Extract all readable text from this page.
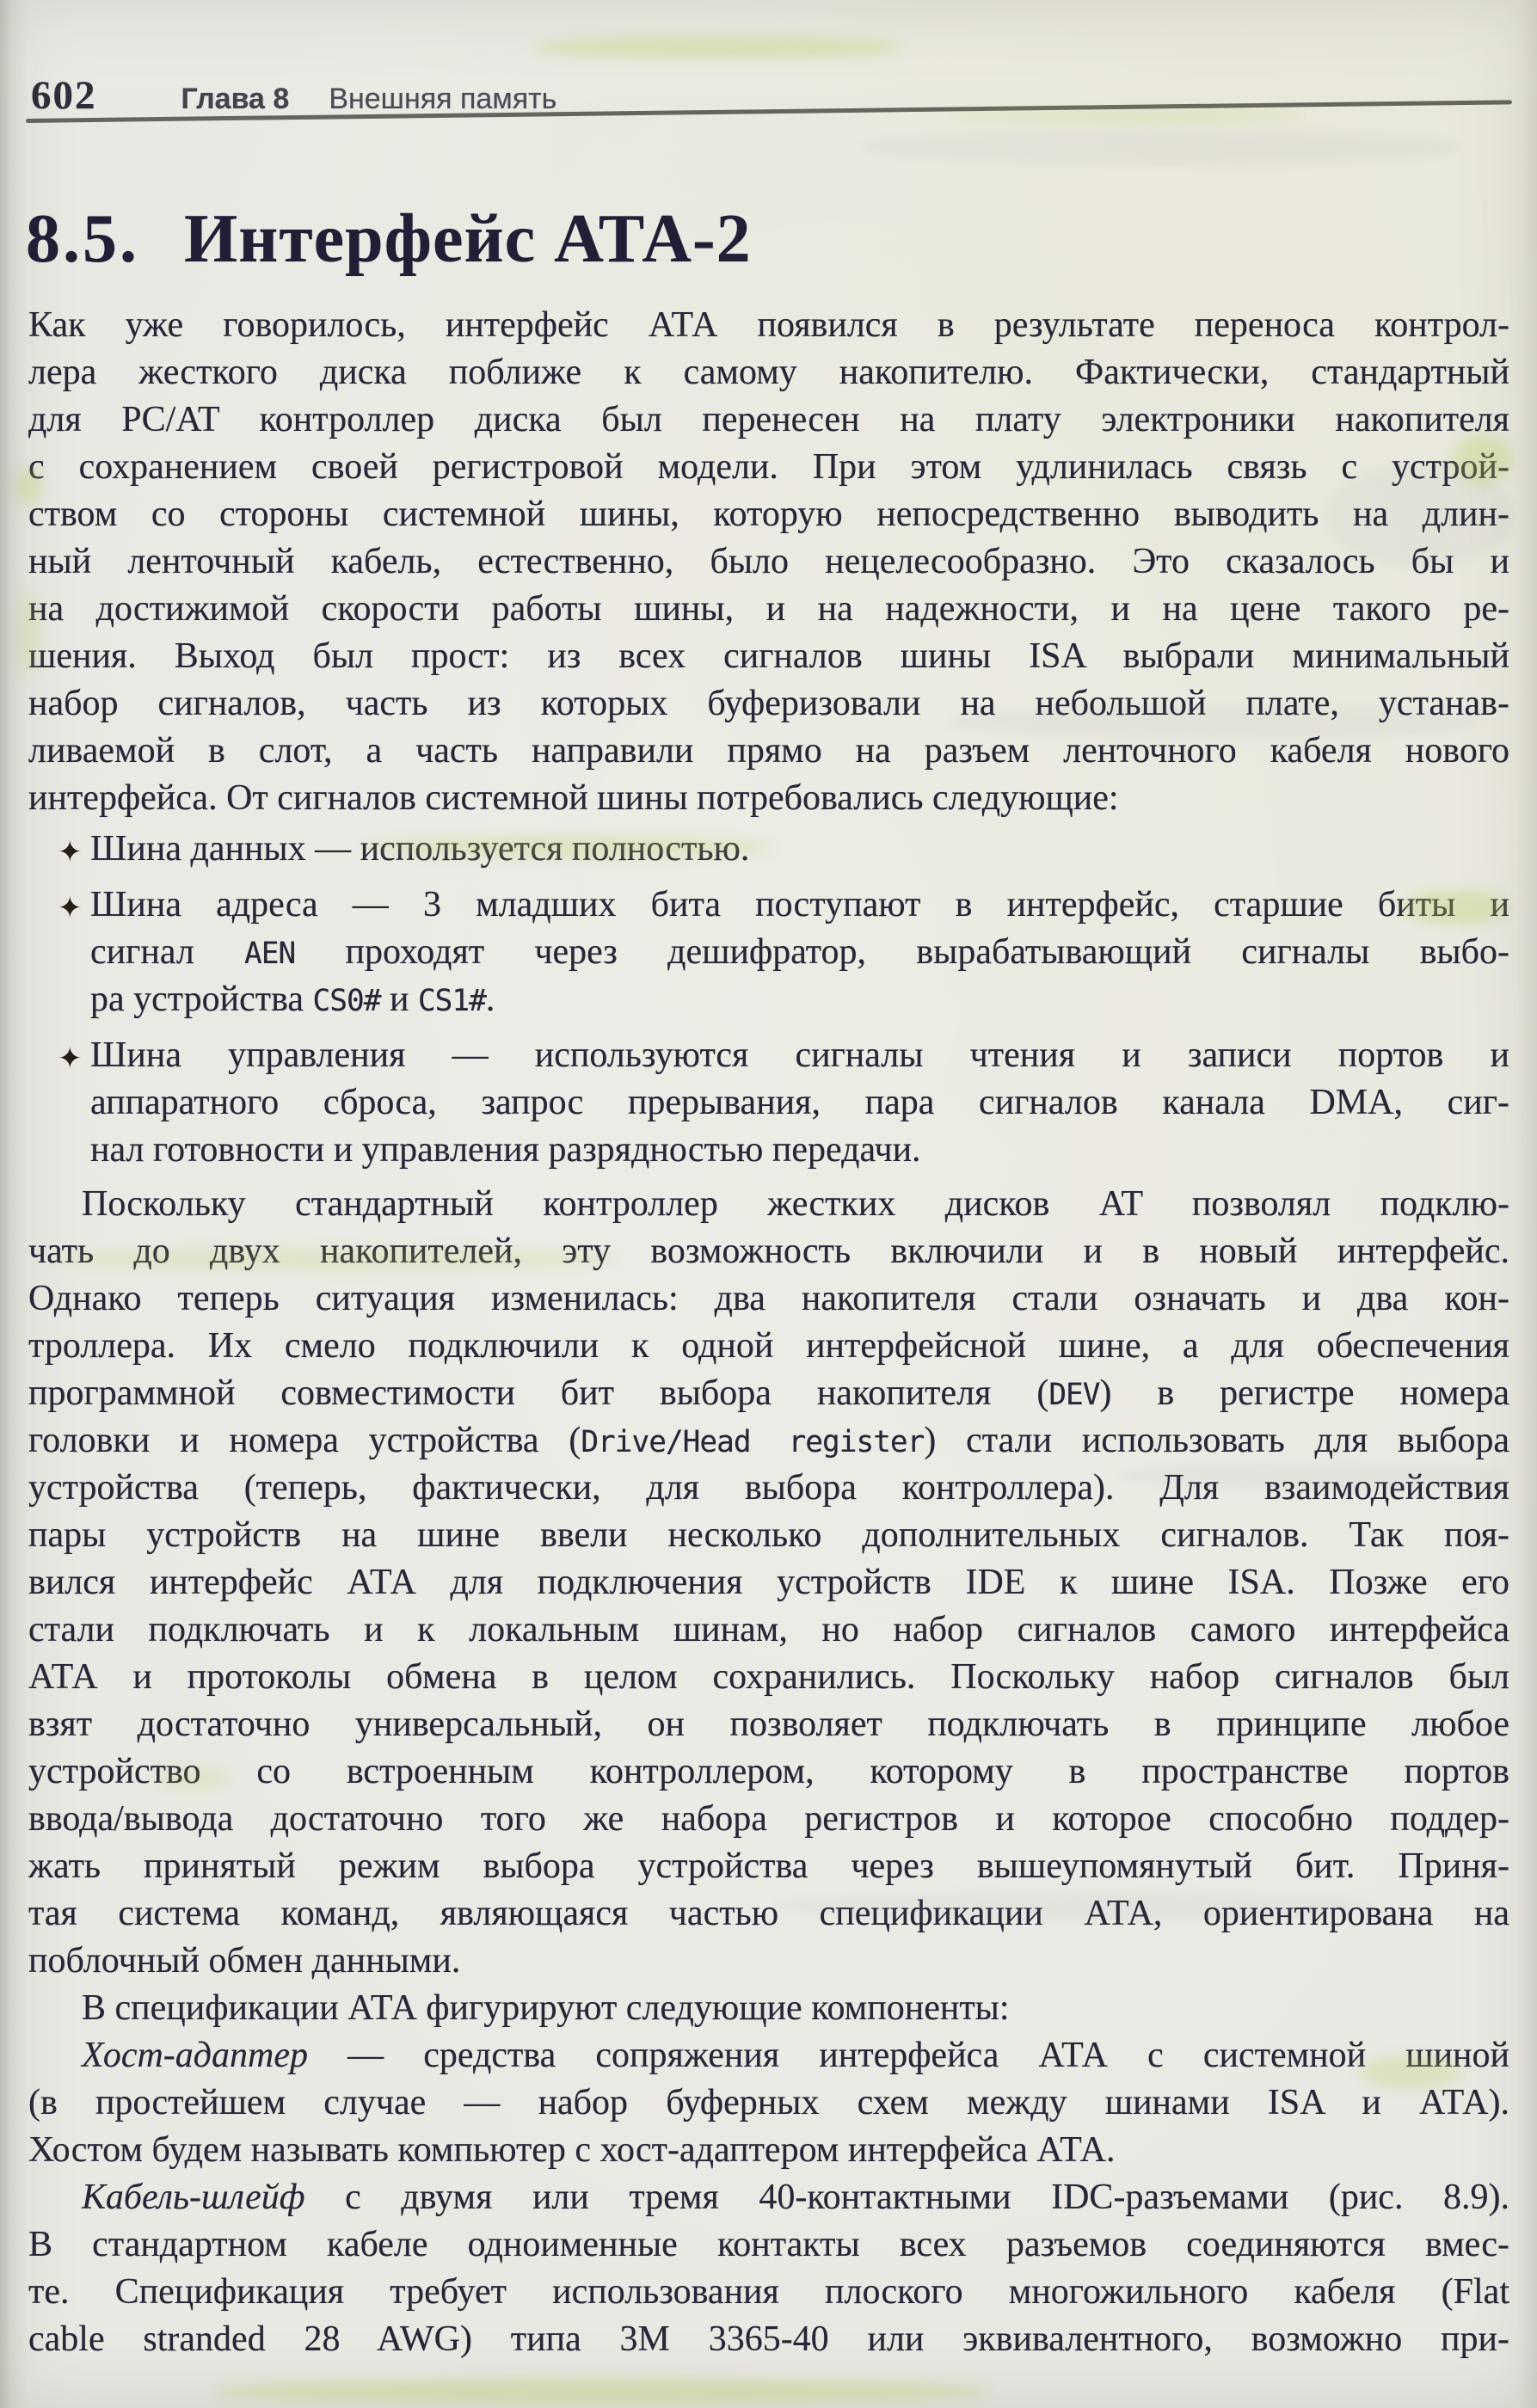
602	Глава 8 Внешняя память
8.5. Интерфейс АТА-2
Как уже говорилось, интерфейс АТА появился в результате переноса контрол-
лера жесткого диска поближе к самому накопителю. Фактически, стандартный
для PC/AT контроллер диска был перенесен на плату электроники накопителя
с сохранением своей регистровой модели. При этом удлинилась связь с устрой-
ством со стороны системной шины, которую непосредственно выводить на длин-
ный ленточный кабель, естественно, было нецелесообразно. Это сказалось бы и
на достижимой скорости работы шины, и на надежности, и на цене такого ре-
шения. Выход был прост: из всех сигналов шины ISA выбрали минимальный
набор сигналов, часть из которых буферизовали на небольшой плате, устанав-
ливаемой в слот, а часть направили прямо на разъем ленточного кабеля нового
интерфейса. От сигналов системной шины потребовались следующие:
✦ Шина данных — используется полностью.
✦ Шина адреса — 3 младших бита поступают в интерфейс, старшие биты и
сигнал AEN проходят через дешифратор, вырабатывающий сигналы выбо-
ра устройства CS0# и CS1#.
✦ Шина управления — используются сигналы чтения и записи портов и
аппаратного сброса, запрос прерывания, пара сигналов канала DMA, сиг-
нал готовности и управления разрядностью передачи.
Поскольку стандартный контроллер жестких дисков AT позволял подклю-
чать до двух накопителей, эту возможность включили и в новый интерфейс.
Однако теперь ситуация изменилась: два накопителя стали означать и два кон-
троллера. Их смело подключили к одной интерфейсной шине, а для обеспечения
программной совместимости бит выбора накопителя (DEV) в регистре номера
головки и номера устройства (Drive/Head register) стали использовать для выбора
устройства (теперь, фактически, для выбора контроллера). Для взаимодействия
пары устройств на шине ввели несколько дополнительных сигналов. Так поя-
вился интерфейс АТА для подключения устройств IDE к шине ISA. Позже его
стали подключать и к локальным шинам, но набор сигналов самого интерфейса
АТА и протоколы обмена в целом сохранились. Поскольку набор сигналов был
взят достаточно универсальный, он позволяет подключать в принципе любое
устройство со встроенным контроллером, которому в пространстве портов
ввода/вывода достаточно того же набора регистров и которое способно поддер-
жать принятый режим выбора устройства через вышеупомянутый бит. Приня-
тая система команд, являющаяся частью спецификации АТА, ориентирована на
поблочный обмен данными.
В спецификации АТА фигурируют следующие компоненты:
Хост-адаптер — средства сопряжения интерфейса АТА с системной шиной
(в простейшем случае — набор буферных схем между шинами ISA и АТА).
Хостом будем называть компьютер с хост-адаптером интерфейса АТА.
Кабель-шлейф с двумя или тремя 40-контактными IDC-разъемами (рис. 8.9).
В стандартном кабеле одноименные контакты всех разъемов соединяются вмес-
те. Спецификация требует использования плоского многожильного кабеля (Flat
cable stranded 28 AWG) типа 3M 3365-40 или эквивалентного, возможно при-
